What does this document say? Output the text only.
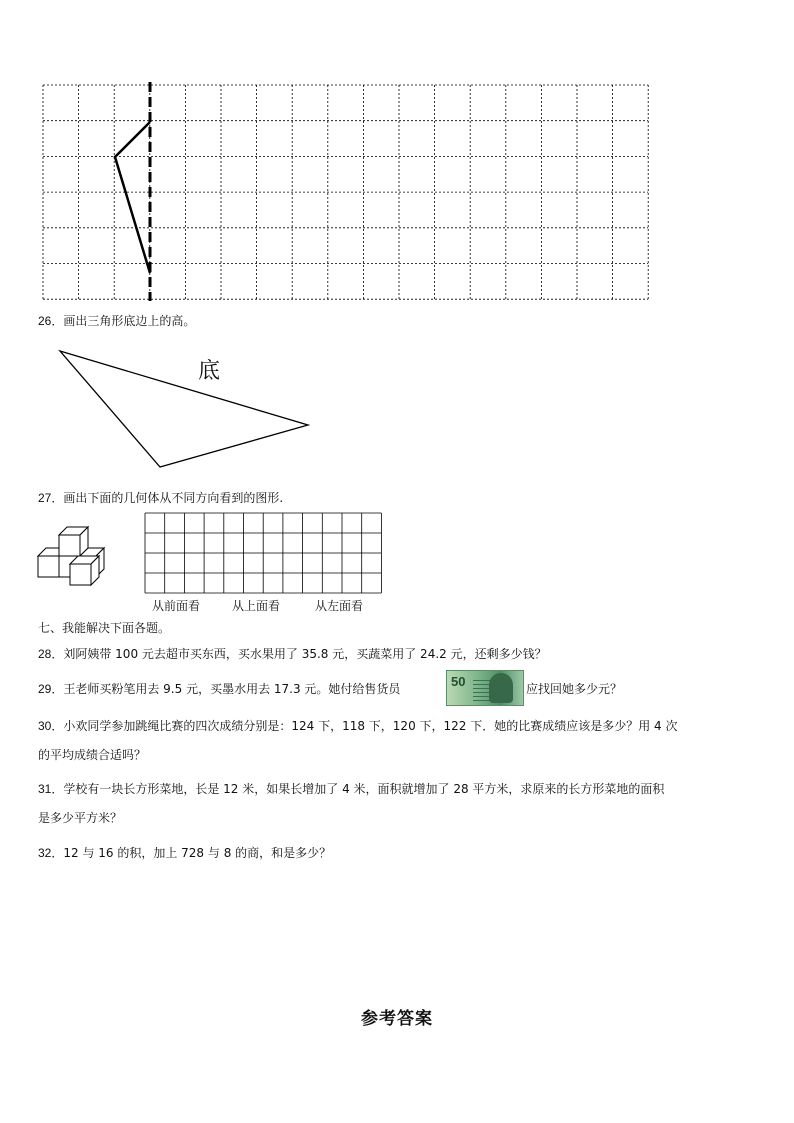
26．画出三角形底边上的高。
底
27．画出下面的几何体从不同方向看到的图形.
从前面看	从上面看	从左面看
七、我能解决下面各题。
28．刘阿姨带 100 元去超市买东西，买水果用了 35.8 元，买蔬菜用了 24.2 元，还剩多少钱？
29．王老师买粉笔用去 9.5 元，买墨水用去 17.3 元。她付给售货员	50	应找回她多少元？
30．小欢同学参加跳绳比赛的四次成绩分别是：124 下，118 下，120 下，122 下．她的比赛成绩应该是多少？用 4 次
的平均成绩合适吗？
31．学校有一块长方形菜地，长是 12 米，如果长增加了 4 米，面积就增加了 28 平方米，求原来的长方形菜地的面积
是多少平方米？
32．12 与 16 的积，加上 728 与 8 的商，和是多少？
参考答案
